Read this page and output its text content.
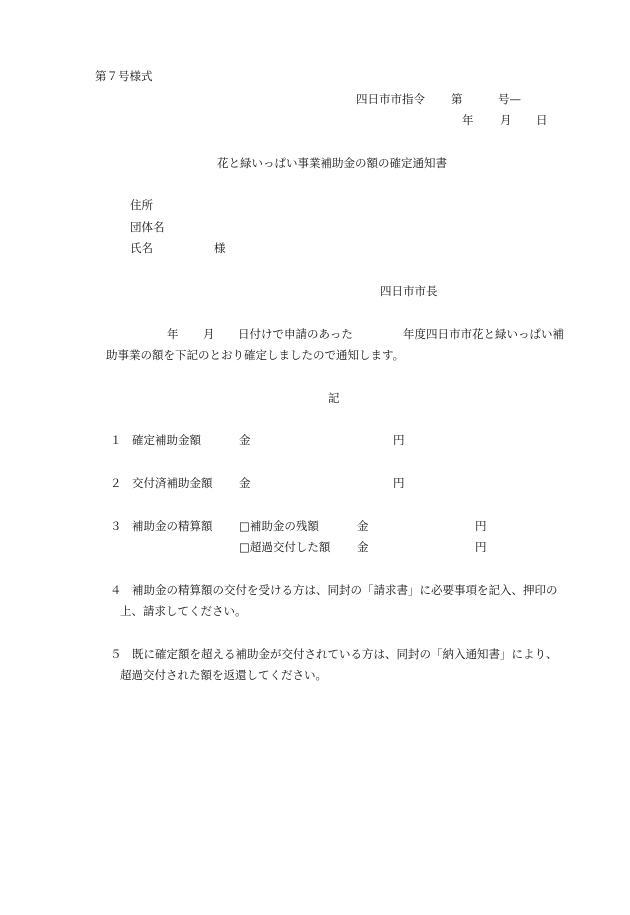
第７号様式
四日市市指令 第	号—
年 月 日
花と緑いっぱい事業補助金の額の確定通知書
住所
団体名
氏名	様
四日市市長
年 月 日付けで申請のあった	年度四日市市花と緑いっぱい補
助事業の額を下記のとおり確定しましたので通知します。
記
１ 確定補助金額	金	円
２ 交付済補助金額 金	円
３ 補助金の精算額 □補助金の残額	金	円
□超過交付した額 金	円
４ 補助金の精算額の交付を受ける方は、同封の「請求書」に必要事項を記入、押印の
上、請求してください。
５ 既に確定額を超える補助金が交付されている方は、同封の「納入通知書」により、
超過交付された額を返還してください。
